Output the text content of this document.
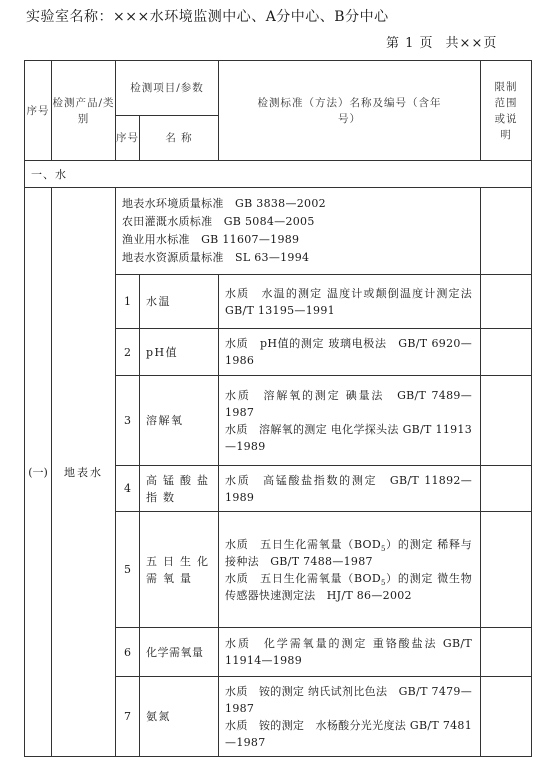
实验室名称：×××水环境监测中心、A分中心、B分中心
第 1 页 共××页
序号	检测产品/类别	检测项目/参数		检测标准（方法）名称及编号（含年号）	限制范围或说明
		序号	名 称		
一、水					
(一)	地表水	地表水环境质量标准　GB 3838—2002
农田灌溉水质标准　GB 5084—2005
渔业用水标准　GB 11607—1989
地表水资源质量标准　SL 63—1994			

		1	水温	水质　水温的测定 温度计或颠倒温度计测定法　GB/T 13195—1991	

		2	pH值	水质　pH值的测定 玻璃电极法　GB/T 6920—1986	

		3	溶解氧	水质　溶解氧的测定 碘量法　GB/T 7489—1987
水质　溶解氧的测定 电化学探头法 GB/T 11913—1989	

		4	高锰酸盐指数	水质　高锰酸盐指数的测定　GB/T 11892—1989	

		5	五日生化需氧量	水质　五日生化需氧量$(BOD_5)$的测定 稀释与接种法　GB/T 7488—1987
水质　五日生化需氧量$(BOD_5)$的测定 微生物传感器快速测定法　HJ/T 86—2002	

		6	化学需氧量	水质　化学需氧量的测定 重铬酸盐法 GB/T 11914—1989	

		7	氨氮	水质　铵的测定 纳氏试剂比色法　GB/T 7479—1987
水质　铵的测定　水杨酸分光光度法 GB/T 7481—1987	
